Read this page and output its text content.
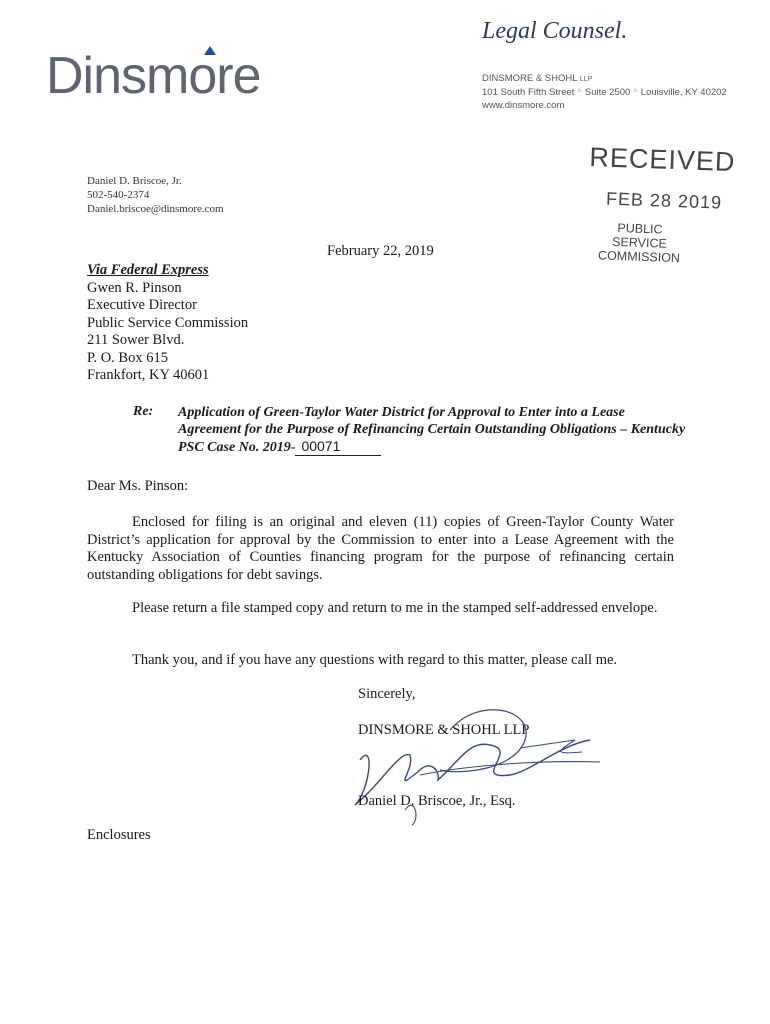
Dinsmore
Legal Counsel.
DINSMORE & SHOHL LLP
101 South Fifth Street ^ Suite 2500 ^ Louisville, KY 40202
www.dinsmore.com
Daniel D. Briscoe, Jr.
502-540-2374
Daniel.briscoe@dinsmore.com
RECEIVED
FEB 28 2019
PUBLIC SERVICE
COMMISSION
February 22, 2019
Via Federal Express
Gwen R. Pinson
Executive Director
Public Service Commission
211 Sower Blvd.
P. O. Box 615
Frankfort, KY 40601
Re: Application of Green-Taylor Water District for Approval to Enter into a Lease Agreement for the Purpose of Refinancing Certain Outstanding Obligations – Kentucky PSC Case No. 2019- 00071
Dear Ms. Pinson:

Enclosed for filing is an original and eleven (11) copies of Green-Taylor County Water District’s application for approval by the Commission to enter into a Lease Agreement with the Kentucky Association of Counties financing program for the purpose of refinancing certain outstanding obligations for debt savings.

Please return a file stamped copy and return to me in the stamped self-addressed envelope.

Thank you, and if you have any questions with regard to this matter, please call me.

Sincerely,
DINSMORE & SHOHL LLP
Daniel D. Briscoe, Jr., Esq.
Enclosures
